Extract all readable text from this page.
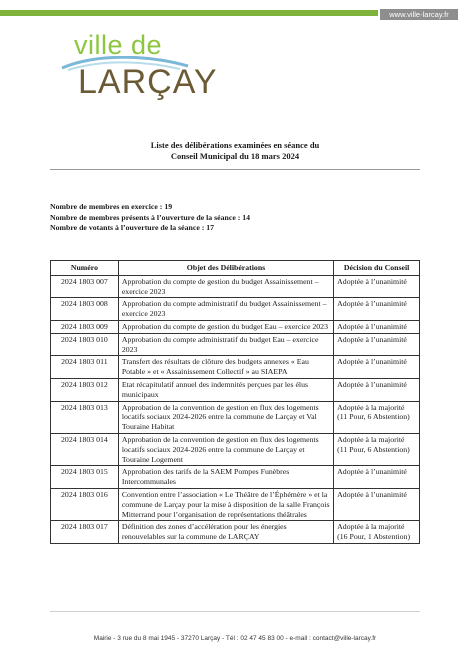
www.ville-larcay.fr
ville de
LARÇAY
Liste des délibérations examinées en séance du
Conseil Municipal du 18 mars 2024
Nombre de membres en exercice : 19
Nombre de membres présents à l’ouverture de la séance : 14
Nombre de votants à l’ouverture de la séance : 17
Numéro	Objet des Délibérations	Décision du Conseil
2024 1803 007	Approbation du compte de gestion du budget Assainissement – exercice 2023	Adoptée à l’unanimité
2024 1803 008	Approbation du compte administratif du budget Assainissement – exercice 2023	Adoptée à l’unanimité
2024 1803 009	Approbation du compte de gestion du budget Eau – exercice 2023	Adoptée à l’unanimité
2024 1803 010	Approbation du compte administratif du budget Eau – exercice 2023	Adoptée à l’unanimité
2024 1803 011	Transfert des résultats de clôture des budgets annexes « Eau Potable » et « Assainissement Collectif » au SIAEPA	Adoptée à l’unanimité
2024 1803 012	Etat récapitulatif annuel des indemnités perçues par les élus municipaux	Adoptée à l’unanimité
2024 1803 013	Approbation de la convention de gestion en flux des logements locatifs sociaux 2024-2026 entre la commune de Larçay et Val Touraine Habitat	Adoptée à la majorité (11 Pour, 6 Abstention)
2024 1803 014	Approbation de la convention de gestion en flux des logements locatifs sociaux 2024-2026 entre la commune de Larçay et Touraine Logement	Adoptée à la majorité (11 Pour, 6 Abstention)
2024 1803 015	Approbation des tarifs de la SAEM Pompes Funèbres Intercommunales	Adoptée à l’unanimité
2024 1803 016	Convention entre l’association « Le Théâtre de l’Éphémère » et la commune de Larçay pour la mise à disposition de la salle François Mitterrand pour l’organisation de représentations théâtrales	Adoptée à l’unanimité
2024 1803 017	Définition des zones d’accélération pour les énergies renouvelables sur la commune de LARÇAY	Adoptée à la majorité (16 Pour, 1 Abstention)
Mairie - 3 rue du 8 mai 1945 - 37270 Larçay - Tél : 02 47 45 83 00 - e-mail : contact@ville-larcay.fr
